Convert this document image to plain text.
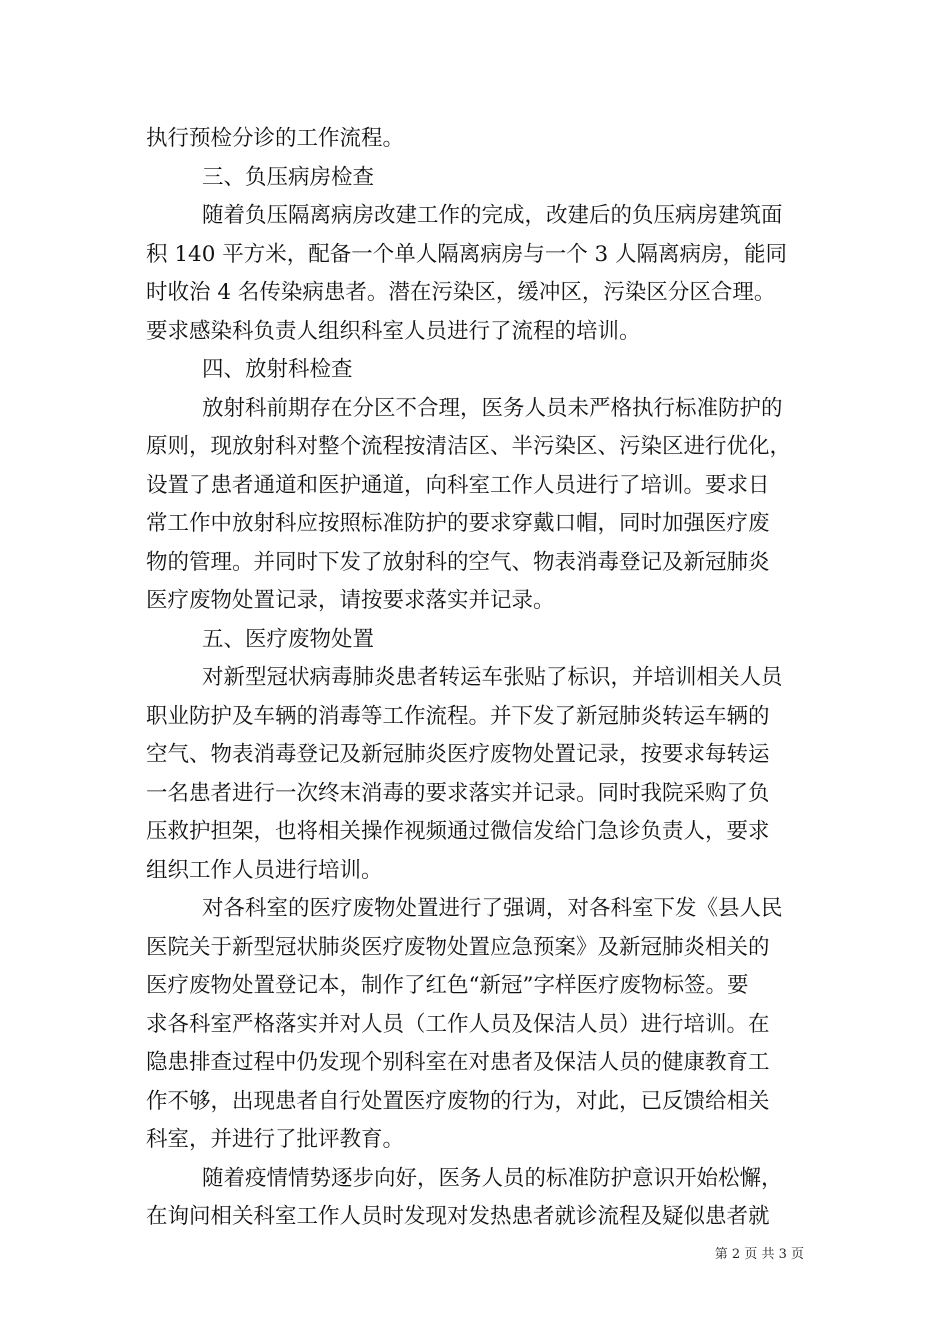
执行预检分诊的工作流程。
三、负压病房检查
随着负压隔离病房改建工作的完成，改建后的负压病房建筑面
积 140 平方米，配备一个单人隔离病房与一个 3 人隔离病房，能同
时收治 4 名传染病患者。潜在污染区，缓冲区，污染区分区合理。
要求感染科负责人组织科室人员进行了流程的培训。
四、放射科检查
放射科前期存在分区不合理，医务人员未严格执行标准防护的
原则，现放射科对整个流程按清洁区、半污染区、污染区进行优化，
设置了患者通道和医护通道，向科室工作人员进行了培训。要求日
常工作中放射科应按照标准防护的要求穿戴口帽，同时加强医疗废
物的管理。并同时下发了放射科的空气、物表消毒登记及新冠肺炎
医疗废物处置记录，请按要求落实并记录。
五、医疗废物处置
对新型冠状病毒肺炎患者转运车张贴了标识，并培训相关人员
职业防护及车辆的消毒等工作流程。并下发了新冠肺炎转运车辆的
空气、物表消毒登记及新冠肺炎医疗废物处置记录，按要求每转运
一名患者进行一次终末消毒的要求落实并记录。同时我院采购了负
压救护担架，也将相关操作视频通过微信发给门急诊负责人，要求
组织工作人员进行培训。
对各科室的医疗废物处置进行了强调，对各科室下发《县人民
医院关于新型冠状肺炎医疗废物处置应急预案》及新冠肺炎相关的
医疗废物处置登记本，制作了红色“新冠”字样医疗废物标签。要
求各科室严格落实并对人员（工作人员及保洁人员）进行培训。在
隐患排查过程中仍发现个别科室在对患者及保洁人员的健康教育工
作不够，出现患者自行处置医疗废物的行为，对此，已反馈给相关
科室，并进行了批评教育。
随着疫情情势逐步向好，医务人员的标准防护意识开始松懈，
在询问相关科室工作人员时发现对发热患者就诊流程及疑似患者就
第 2 页 共 3 页
